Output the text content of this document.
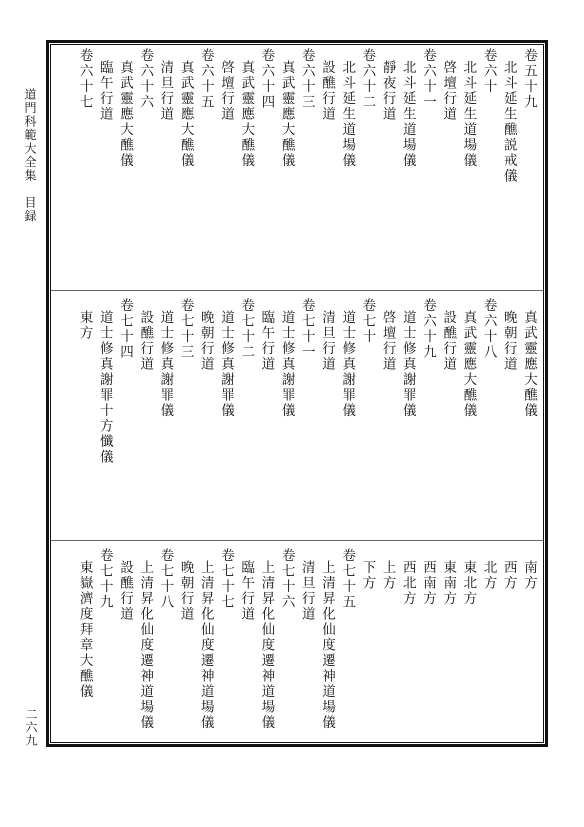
道門科範大全集　目録
二六九
卷五十九
北斗延生醮説戒儀
卷六十
北斗延生道場儀
啓壇行道
卷六十一
北斗延生道場儀
靜夜行道
卷六十二
北斗延生道場儀
設醮行道
卷六十三
真武靈應大醮儀
卷六十四
真武靈應大醮儀
啓壇行道
卷六十五
真武靈應大醮儀
清旦行道
卷六十六
真武靈應大醮儀
臨午行道
卷六十七
真武靈應大醮儀
晚朝行道
卷六十八
真武靈應大醮儀
設醮行道
卷六十九
道士修真謝罪儀
啓壇行道
卷七十
道士修真謝罪儀
清旦行道
卷七十一
道士修真謝罪儀
臨午行道
卷七十二
道士修真謝罪儀
晚朝行道
卷七十三
道士修真謝罪儀
設醮行道
卷七十四
道士修真謝罪十方懺儀
東方
南方
西方
北方
東北方
東南方
西南方
西北方
上方
下方
卷七十五
上清昇化仙度遷神道場儀
清旦行道
卷七十六
上清昇化仙度遷神道場儀
臨午行道
卷七十七
上清昇化仙度遷神道場儀
晚朝行道
卷七十八
上清昇化仙度遷神道場儀
設醮行道
卷七十九
東嶽濟度拜章大醮儀
